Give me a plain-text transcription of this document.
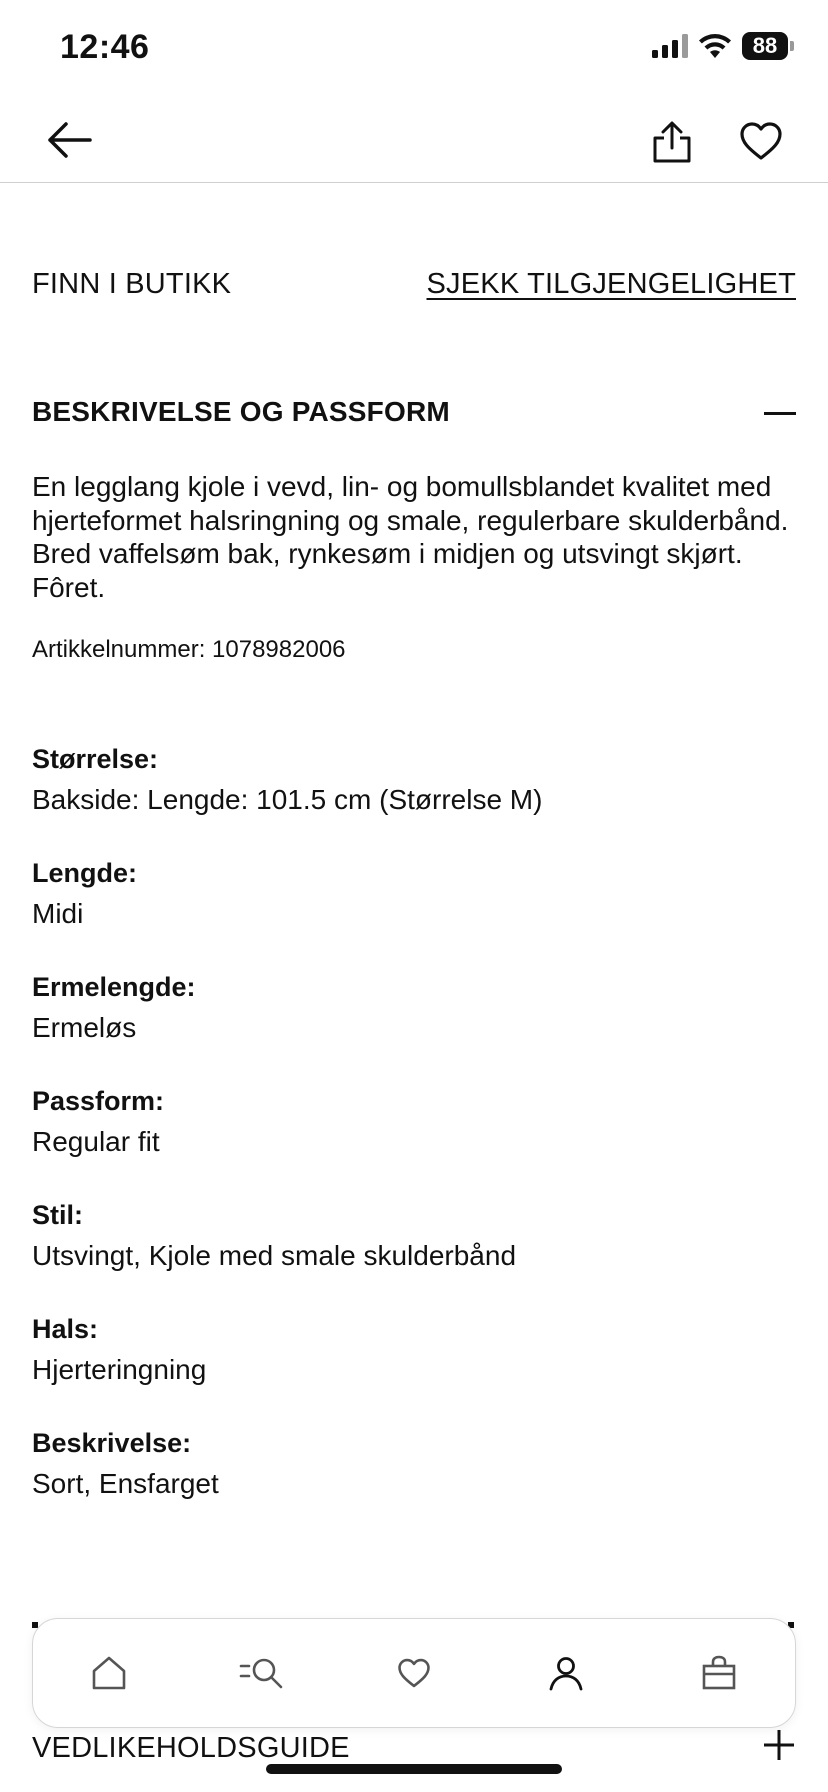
12:46	88
FINN I BUTIKK	SJEKK TILGJENGELIGHET
BESKRIVELSE OG PASSFORM
En legglang kjole i vevd, lin- og bomullsblandet kvalitet med hjerteformet halsringning og smale, regulerbare skulderbånd. Bred vaffelsøm bak, rynkesøm i midjen og utsvingt skjørt. Fôret.
Artikkelnummer: 1078982006
Størrelse:
Bakside: Lengde: 101.5 cm (Størrelse M)
Lengde:
Midi
Ermelengde:
Ermeløs
Passform:
Regular fit
Stil:
Utsvingt, Kjole med smale skulderbånd
Hals:
Hjerteringning
Beskrivelse:
Sort, Ensfarget
VEDLIKEHOLDSGUIDE
